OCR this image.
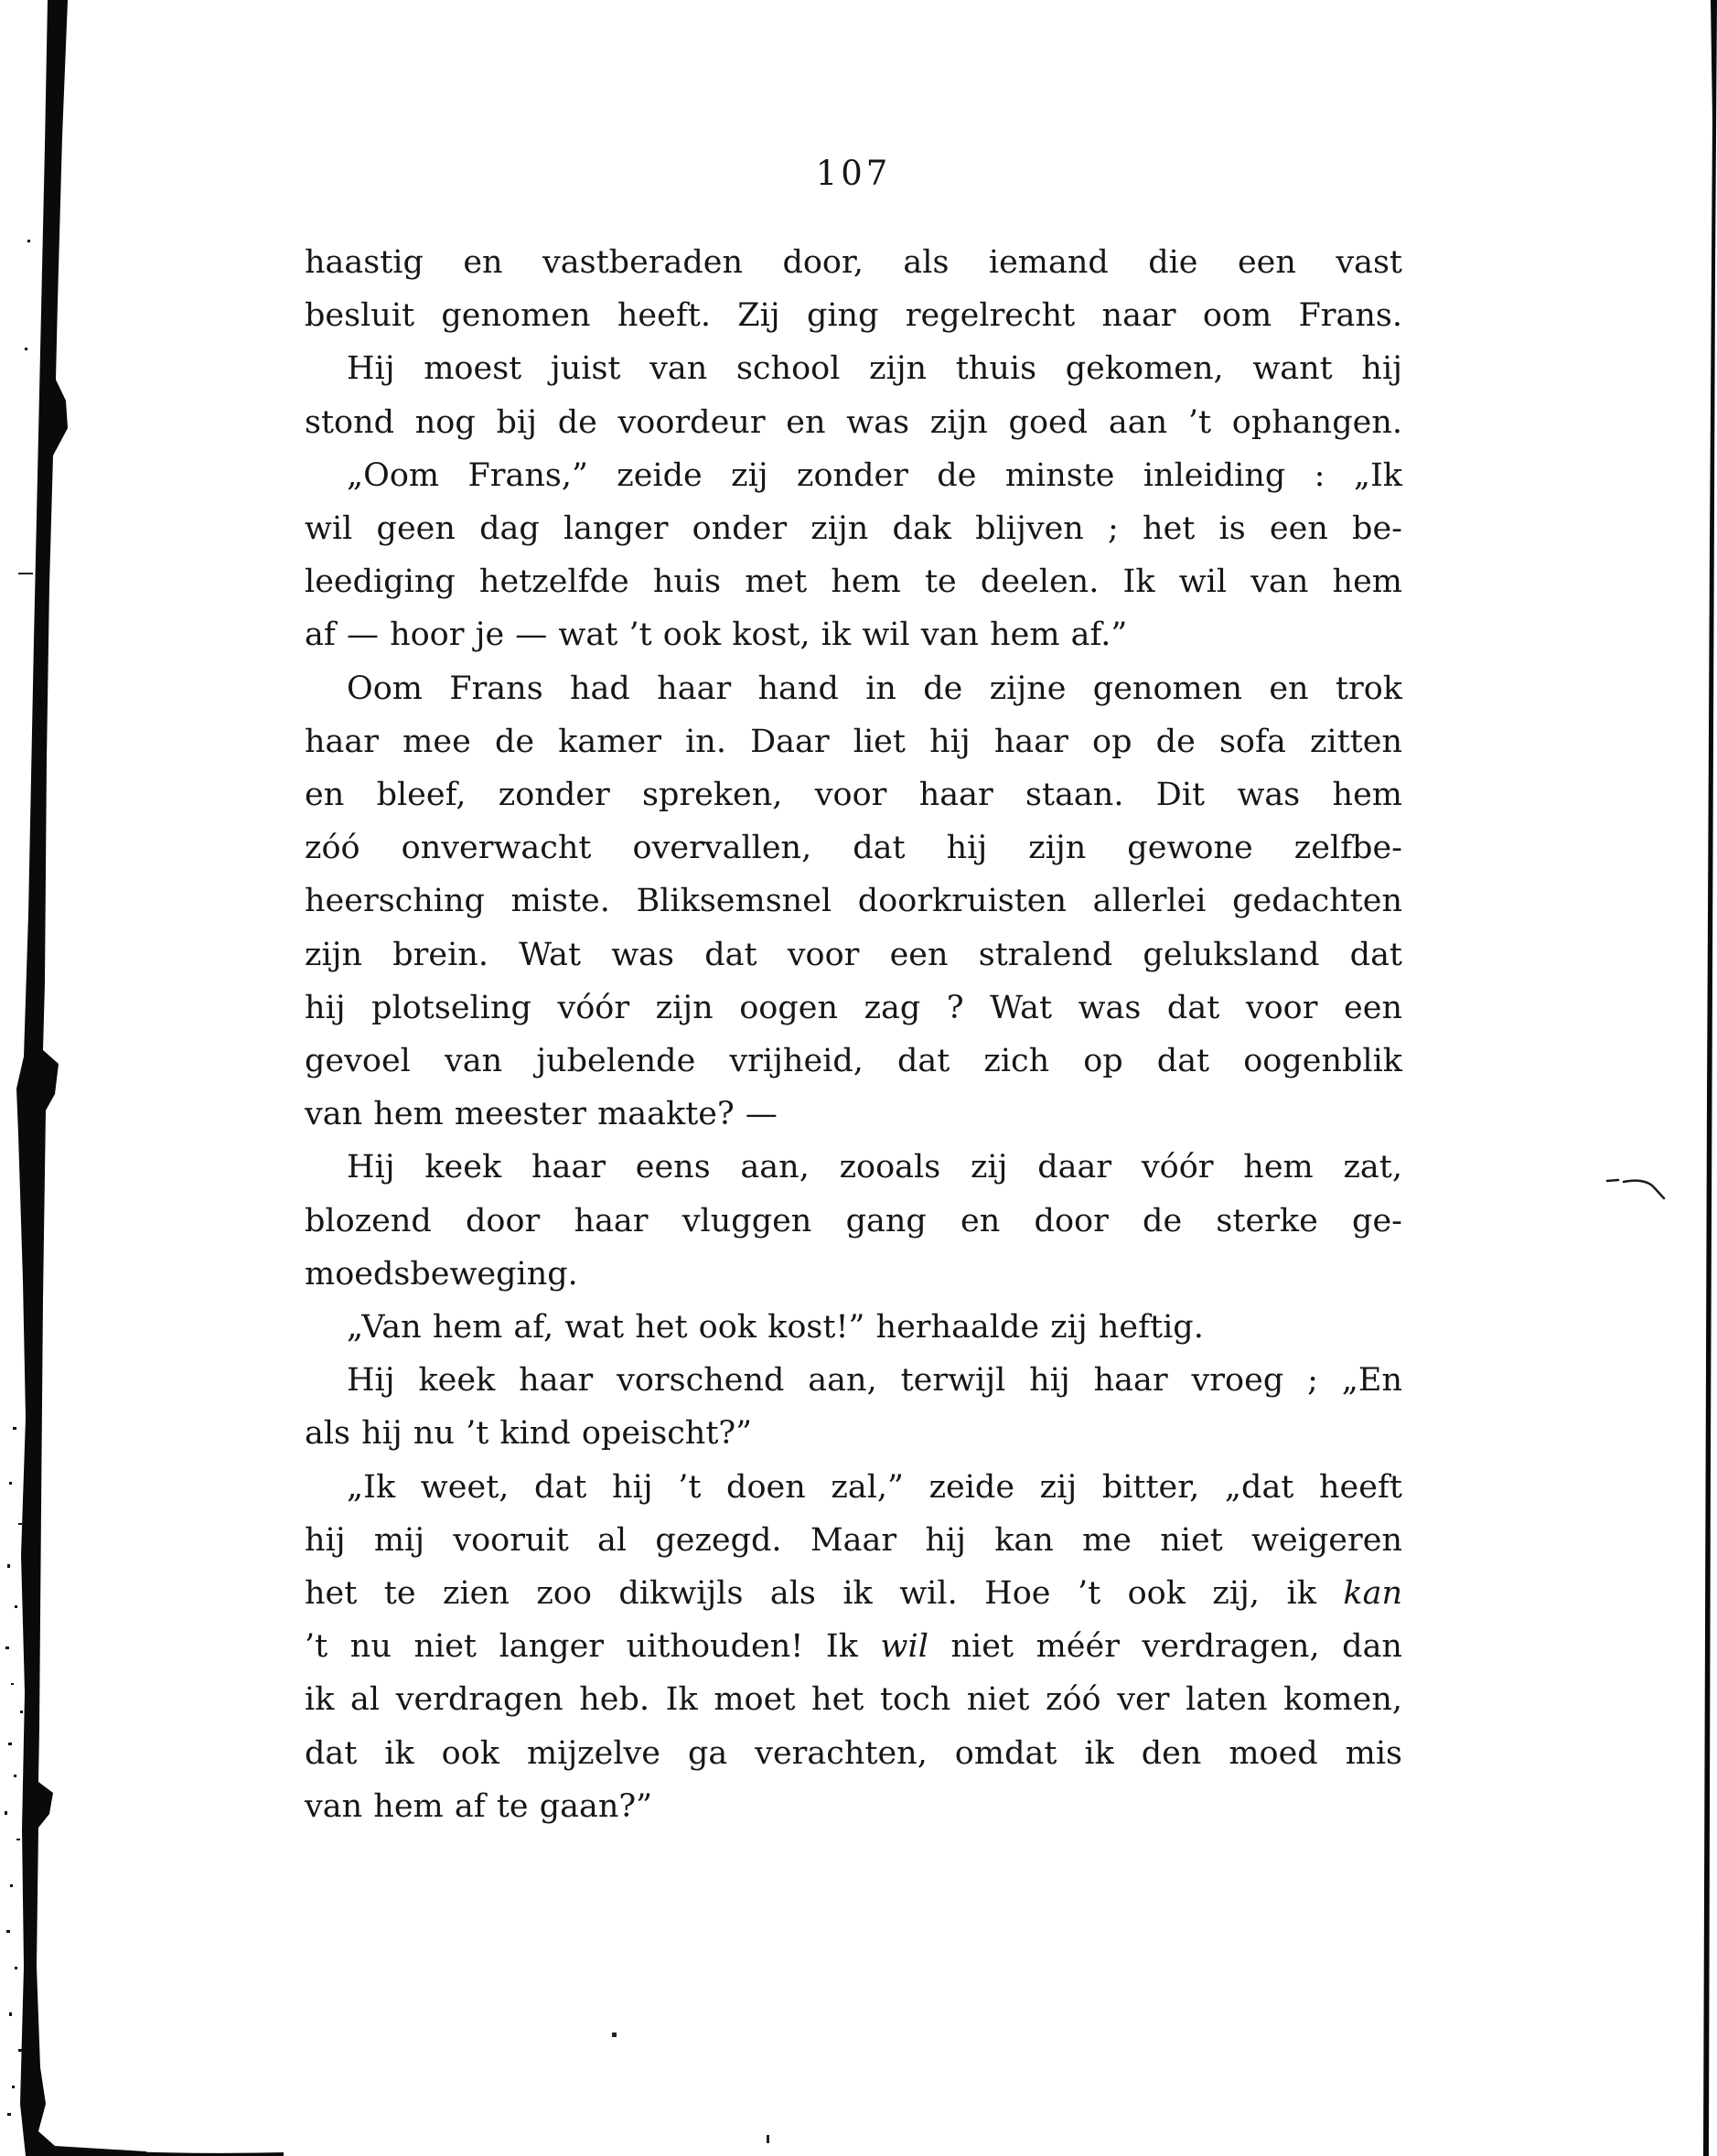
107
haastig en vastberaden door, als iemand die een vast
besluit genomen heeft. Zij ging regelrecht naar oom Frans.
Hij moest juist van school zijn thuis gekomen, want hij
stond nog bij de voordeur en was zijn goed aan ’t ophangen.
„Oom Frans,” zeide zij zonder de minste inleiding : „Ik
wil geen dag langer onder zijn dak blijven ; het is een be-
leediging hetzelfde huis met hem te deelen. Ik wil van hem
af — hoor je — wat ’t ook kost, ik wil van hem af.”
Oom Frans had haar hand in de zijne genomen en trok
haar mee de kamer in. Daar liet hij haar op de sofa zitten
en bleef, zonder spreken, voor haar staan. Dit was hem
zóó onverwacht overvallen, dat hij zijn gewone zelfbe-
heersching miste. Bliksemsnel doorkruisten allerlei gedachten
zijn brein. Wat was dat voor een stralend geluksland dat
hij plotseling vóór zijn oogen zag ? Wat was dat voor een
gevoel van jubelende vrijheid, dat zich op dat oogenblik
van hem meester maakte? —
Hij keek haar eens aan, zooals zij daar vóór hem zat,
blozend door haar vluggen gang en door de sterke ge-
moedsbeweging.
„Van hem af, wat het ook kost!” herhaalde zij heftig.
Hij keek haar vorschend aan, terwijl hij haar vroeg ; „En
als hij nu ’t kind opeischt?”
„Ik weet, dat hij ’t doen zal,” zeide zij bitter, „dat heeft
hij mij vooruit al gezegd. Maar hij kan me niet weigeren
het te zien zoo dikwijls als ik wil. Hoe ’t ook zij, ik kan
’t nu niet langer uithouden! Ik wil niet méér verdragen, dan
ik al verdragen heb. Ik moet het toch niet zóó ver laten komen,
dat ik ook mijzelve ga verachten, omdat ik den moed mis
van hem af te gaan?”
